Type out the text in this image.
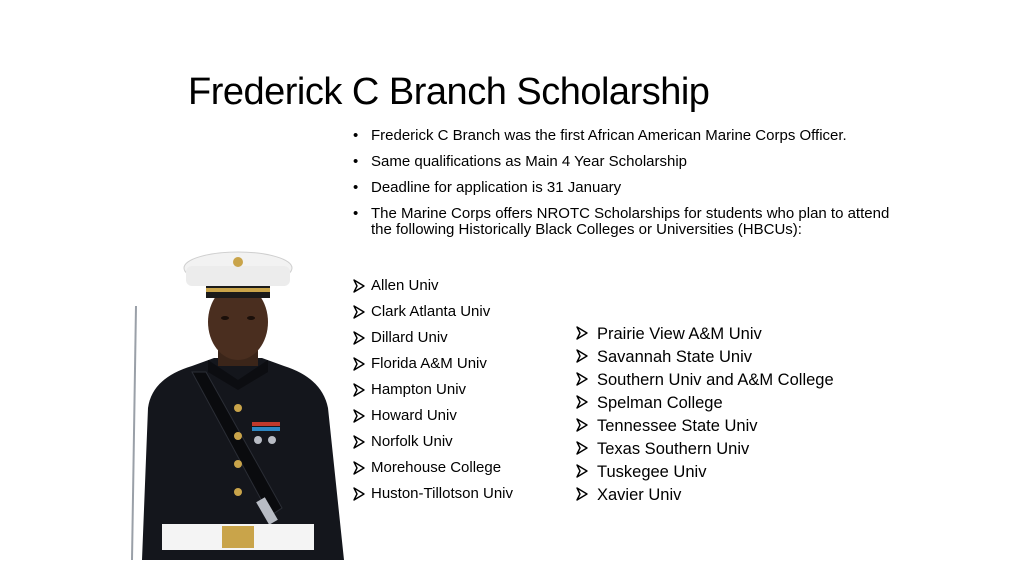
Frederick C Branch Scholarship
• Frederick C Branch was the first African American Marine Corps Officer.
• Same qualifications as Main 4 Year Scholarship
• Deadline for application is 31 January
• The Marine Corps offers NROTC Scholarships for students who plan to attend the following Historically Black Colleges or Universities (HBCUs):
Allen Univ
Clark Atlanta Univ
Dillard Univ
Florida A&M Univ
Hampton Univ
Howard Univ
Norfolk Univ
Morehouse College
Huston-Tillotson Univ
Prairie View A&M Univ
Savannah State Univ
Southern Univ and A&M College
Spelman College
Tennessee State Univ
Texas Southern Univ
Tuskegee Univ
Xavier Univ
